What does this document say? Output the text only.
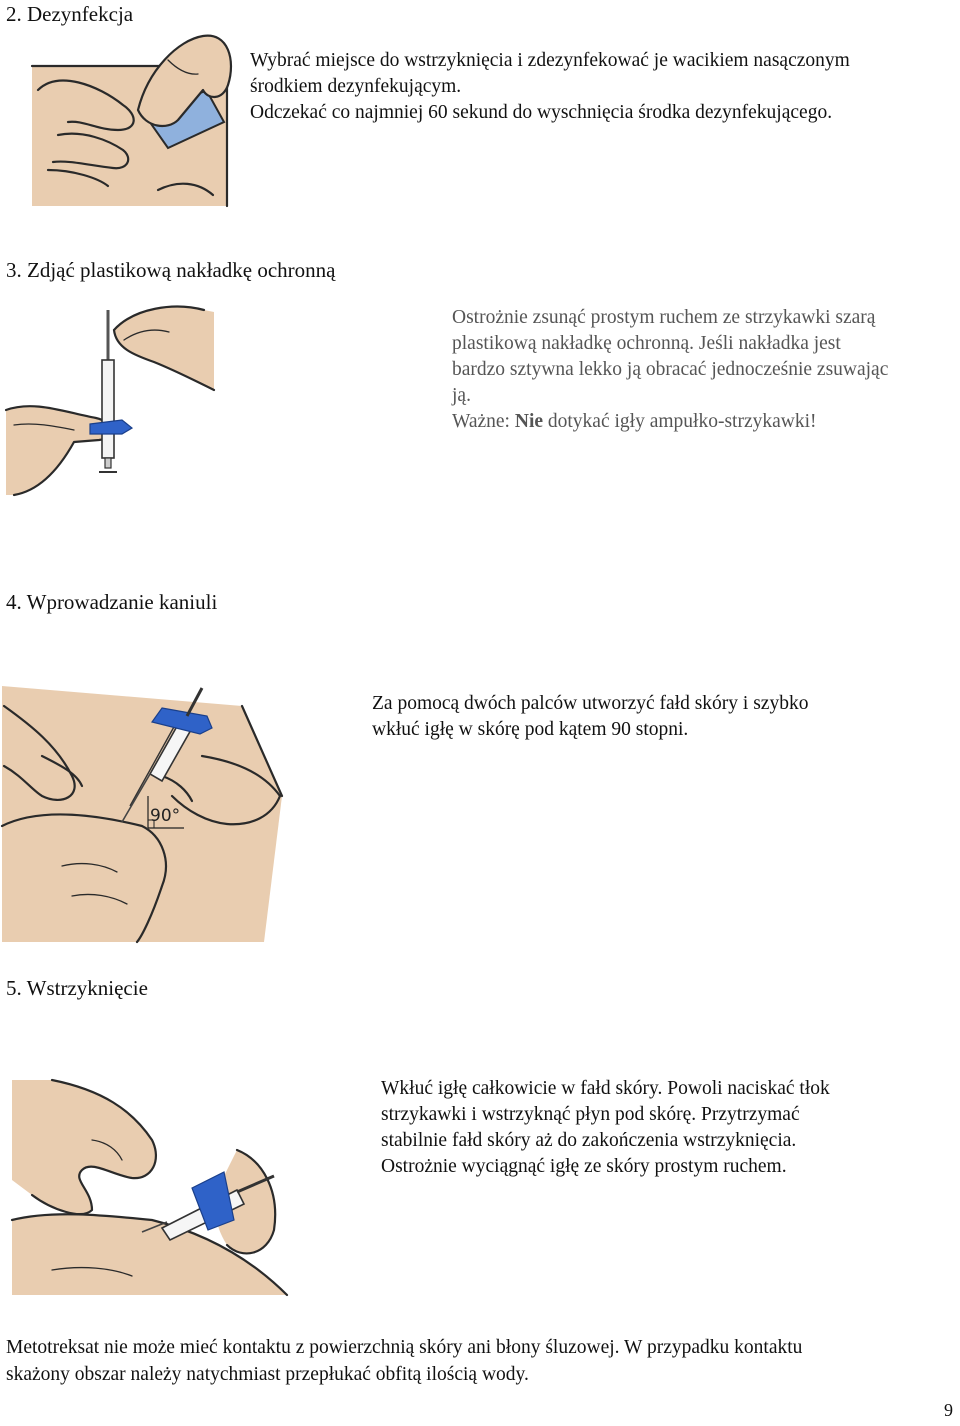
2. Dezynfekcja

Wybrać miejsce do wstrzyknięcia i zdezynfekować je wacikiem nasączonym

środkiem dezynfekującym.

Odczekać co najmniej 60 sekund do wyschnięcia środka dezynfekującego.

3. Zdjąć plastikową nakładkę ochronną

Ostrożnie zsunąć prostym ruchem ze strzykawki szarą

plastikową nakładkę ochronną. Jeśli nakładka jest

bardzo sztywna lekko ją obracać jednocześnie zsuwając

ją.

Ważne: Nie dotykać igły ampułko-strzykawki!

4. Wprowadzanie kaniuli
90°

Za pomocą dwóch palców utworzyć fałd skóry i szybko

wkłuć igłę w skórę pod kątem 90 stopni.

5. Wstrzyknięcie

Wkłuć igłę całkowicie w fałd skóry. Powoli naciskać tłok

strzykawki i wstrzyknąć płyn pod skórę. Przytrzymać

stabilnie fałd skóry aż do zakończenia wstrzyknięcia.

Ostrożnie wyciągnąć igłę ze skóry prostym ruchem.

Metotreksat nie może mieć kontaktu z powierzchnią skóry ani błony śluzowej. W przypadku kontaktu
skażony obszar należy natychmiast przepłukać obfitą ilością wody.
9
